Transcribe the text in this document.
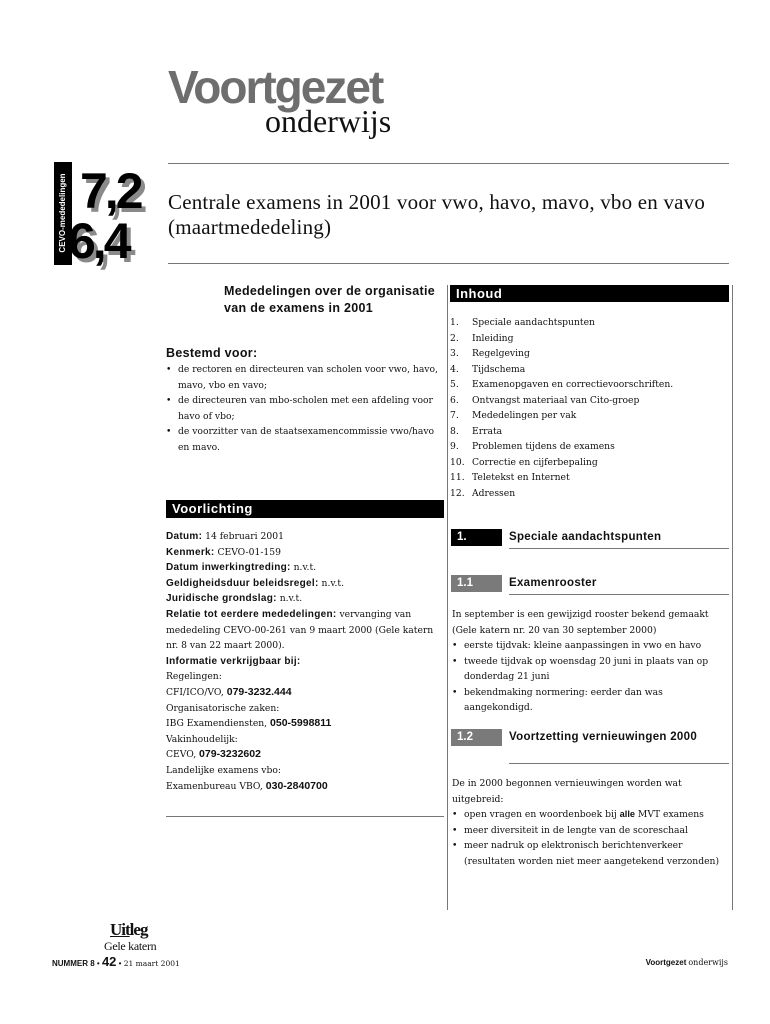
Voortgezet
onderwijs
CEVO-mededelingen 7,2
6,4
Centrale examens in 2001 voor vwo, havo, mavo, vbo en vavo (maartmededeling)
Mededelingen over de organisatie van de examens in 2001
Bestemd voor:
• de rectoren en directeuren van scholen voor vwo, havo, mavo, vbo en vavo;
• de directeuren van mbo-scholen met een afdeling voor havo of vbo;
• de voorzitter van de staatsexamencommissie vwo/havo en mavo.
Voorlichting
Datum: 14 februari 2001
Kenmerk: CEVO-01-159
Datum inwerkingtreding: n.v.t.
Geldigheidsduur beleidsregel: n.v.t.
Juridische grondslag: n.v.t.
Relatie tot eerdere mededelingen: vervanging van mededeling CEVO-00-261 van 9 maart 2000 (Gele katern nr. 8 van 22 maart 2000).
Informatie verkrijgbaar bij:
Regelingen:
CFI/ICO/VO, 079-3232.444
Organisatorische zaken:
IBG Examendiensten, 050-5998811
Vakinhoudelijk:
CEVO, 079-3232602
Landelijke examens vbo:
Examenbureau VBO, 030-2840700
Inhoud
1.	Speciale aandachtspunten
2.	Inleiding
3.	Regelgeving
4.	Tijdschema
5.	Examenopgaven en correctievoorschriften.
6.	Ontvangst materiaal van Cito-groep
7.	Mededelingen per vak
8.	Errata
9.	Problemen tijdens de examens
10. Correctie en cijferbepaling
11. Teletekst en Internet
12. Adressen
1.	Speciale aandachtspunten
1.1	Examenrooster
In september is een gewijzigd rooster bekend gemaakt (Gele katern nr. 20 van 30 september 2000)
• eerste tijdvak: kleine aanpassingen in vwo en havo
• tweede tijdvak op woensdag 20 juni in plaats van op donderdag 21 juni
• bekendmaking normering: eerder dan was aangekondigd.
1.2	Voortzetting vernieuwingen 2000
De in 2000 begonnen vernieuwingen worden wat uitgebreid:
• open vragen en woordenboek bij alle MVT examens
• meer diversiteit in de lengte van de scoreschaal
• meer nadruk op elektronisch berichtenverkeer (resultaten worden niet meer aangetekend verzonden)
Uitleg
Gele katern
NUMMER 8 • 42 • 21 maart 2001	Voortgezet onderwijs
